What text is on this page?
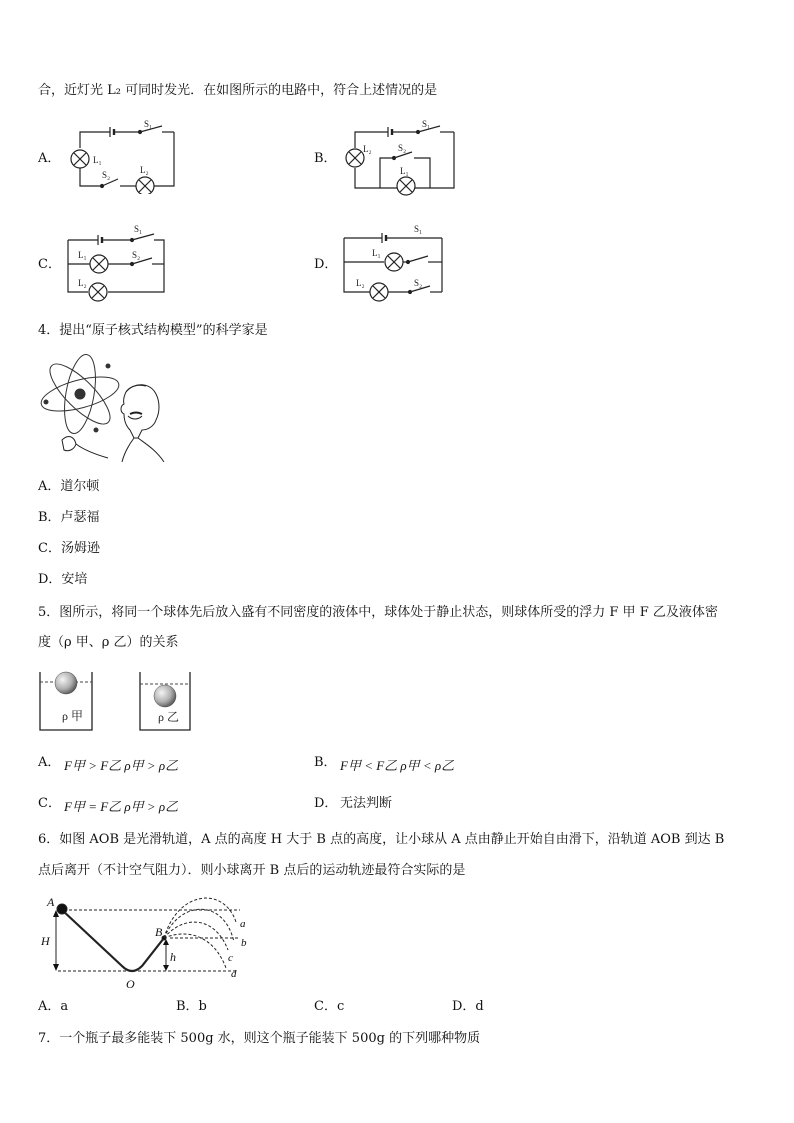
合，近灯光 L₂ 可同时发光．在如图所示的电路中，符合上述情况的是
A．	B．
C．	D．
S₁
L₁
S₂	L₂
S₁
L₂	S₂
L₁
S₁
L₁	S₂
L₂
S₁
L₁
L₂	S₂
4．提出“原子核式结构模型”的科学家是
A．道尔顿
B．卢瑟福
C．汤姆逊
D．安培
5．图所示，将同一个球体先后放入盛有不同密度的液体中，球体处于静止状态，则球体所受的浮力 F 甲 F 乙及液体密
度（ρ 甲、ρ 乙）的关系
ρ 甲	ρ 乙
A． F甲 > F乙 ρ甲 > ρ乙	B． F甲 < F乙 ρ甲 < ρ乙
C． F甲 = F乙 ρ甲 > ρ乙	D． 无法判断
6．如图 AOB 是光滑轨道，A 点的高度 H 大于 B 点的高度，让小球从 A 点由静止开始自由滑下，沿轨道 AOB 到达 B
点后离开（不计空气阻力）．则小球离开 B 点后的运动轨迹最符合实际的是
A
H
B
h
O
a
b
c
d
A．a	B．b	C．c	D．d
7．一个瓶子最多能装下 500g 水，则这个瓶子能装下 500g 的下列哪种物质
